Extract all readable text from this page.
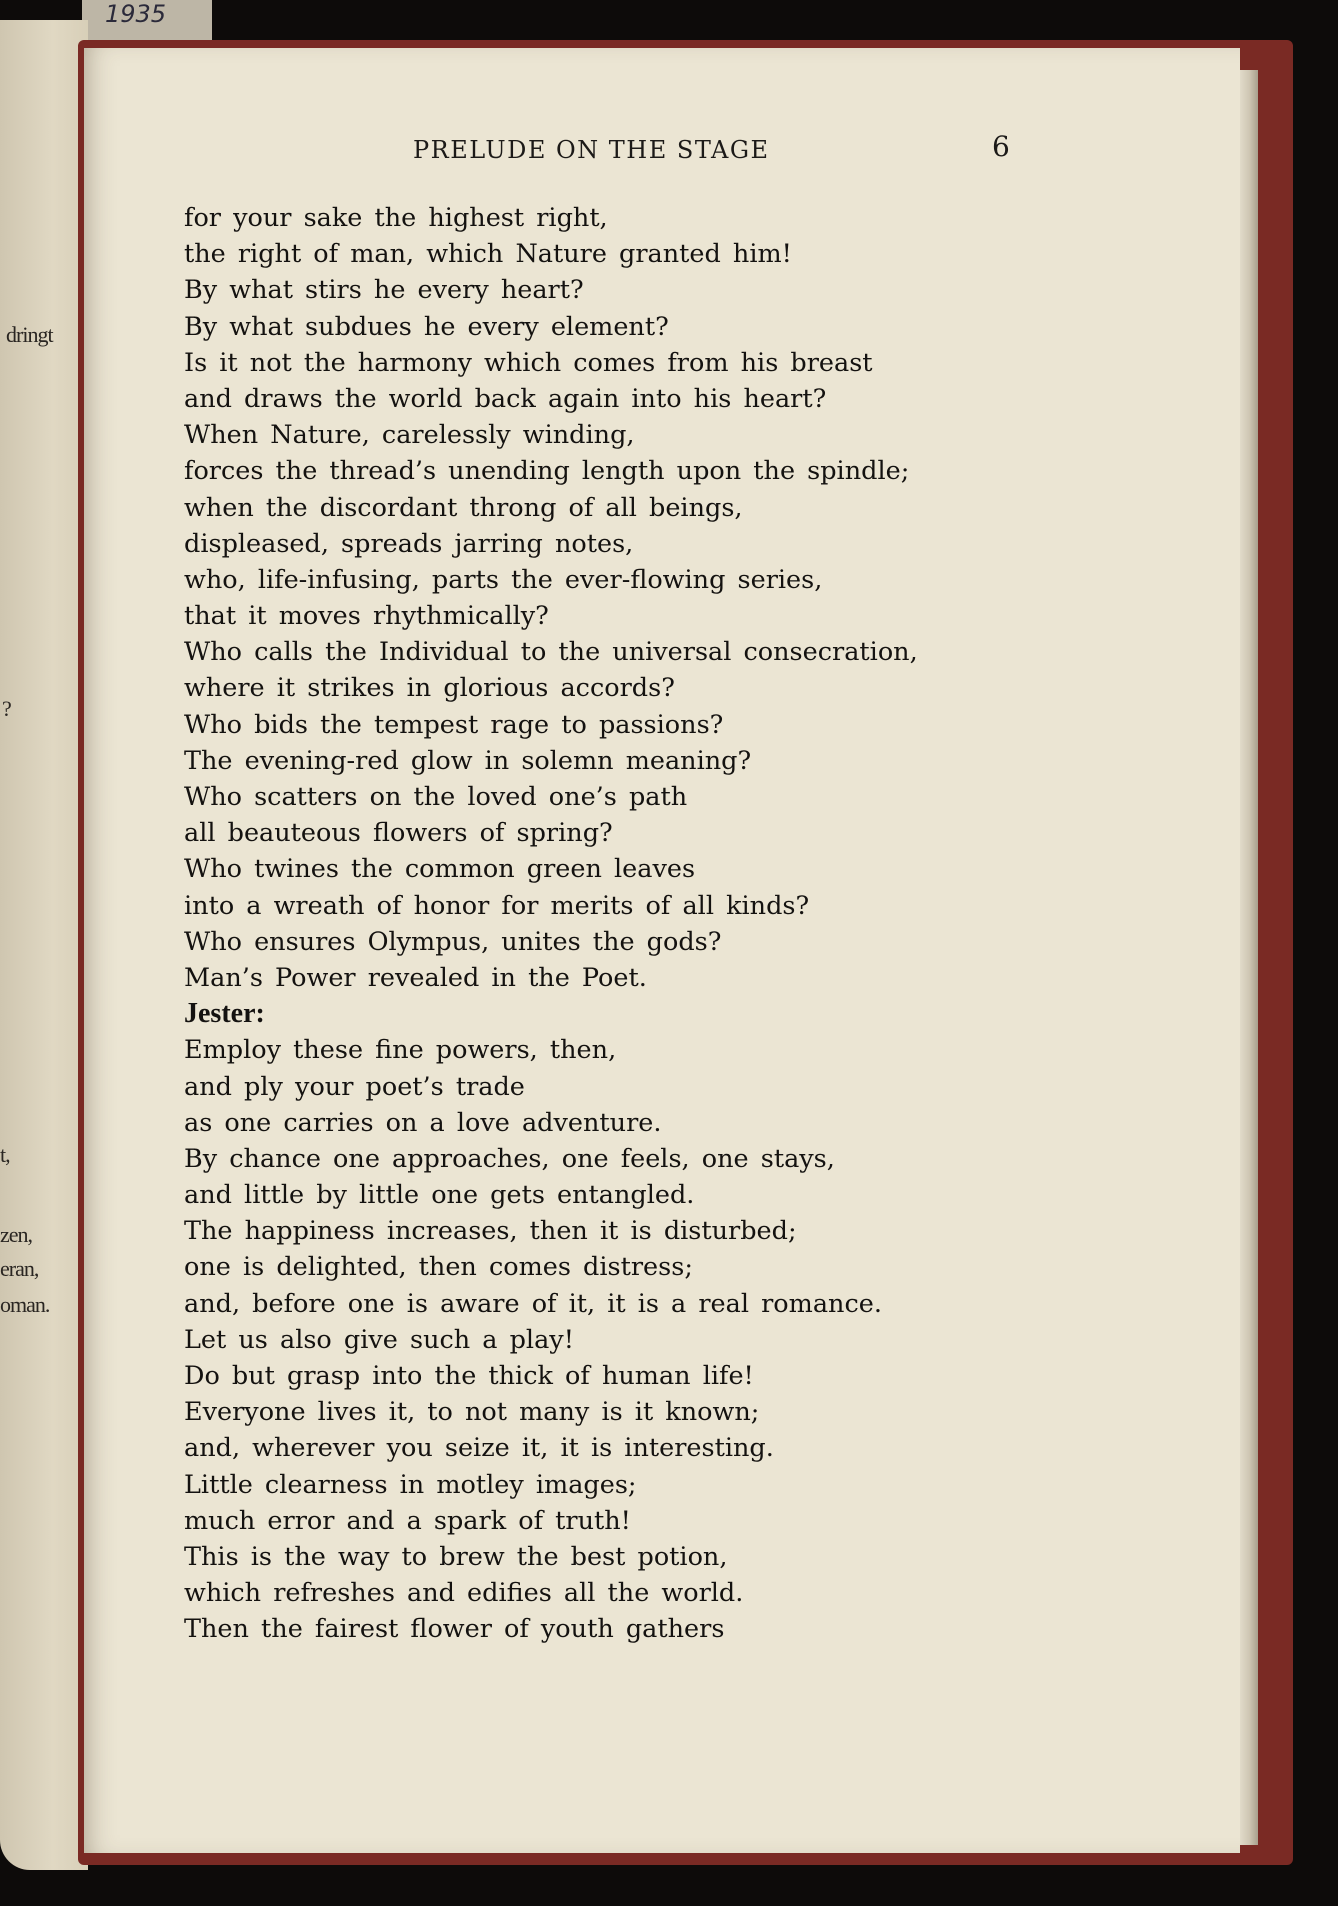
1935
dringt
?
t,
zen,
eran,
oman.
PRELUDE ON THE STAGE	6
for your sake the highest right,
the right of man, which Nature granted him!
By what stirs he every heart?
By what subdues he every element?
Is it not the harmony which comes from his breast
and draws the world back again into his heart?
When Nature, carelessly winding,
forces the thread’s unending length upon the spindle;
when the discordant throng of all beings,
displeased, spreads jarring notes,
who, life-infusing, parts the ever-flowing series,
that it moves rhythmically?
Who calls the Individual to the universal consecration,
where it strikes in glorious accords?
Who bids the tempest rage to passions?
The evening-red glow in solemn meaning?
Who scatters on the loved one’s path
all beauteous flowers of spring?
Who twines the common green leaves
into a wreath of honor for merits of all kinds?
Who ensures Olympus, unites the gods?
Man’s Power revealed in the Poet.
Jester:
Employ these fine powers, then,
and ply your poet’s trade
as one carries on a love adventure.
By chance one approaches, one feels, one stays,
and little by little one gets entangled.
The happiness increases, then it is disturbed;
one is delighted, then comes distress;
and, before one is aware of it, it is a real romance.
Let us also give such a play!
Do but grasp into the thick of human life!
Everyone lives it, to not many is it known;
and, wherever you seize it, it is interesting.
Little clearness in motley images;
much error and a spark of truth!
This is the way to brew the best potion,
which refreshes and edifies all the world.
Then the fairest flower of youth gathers
